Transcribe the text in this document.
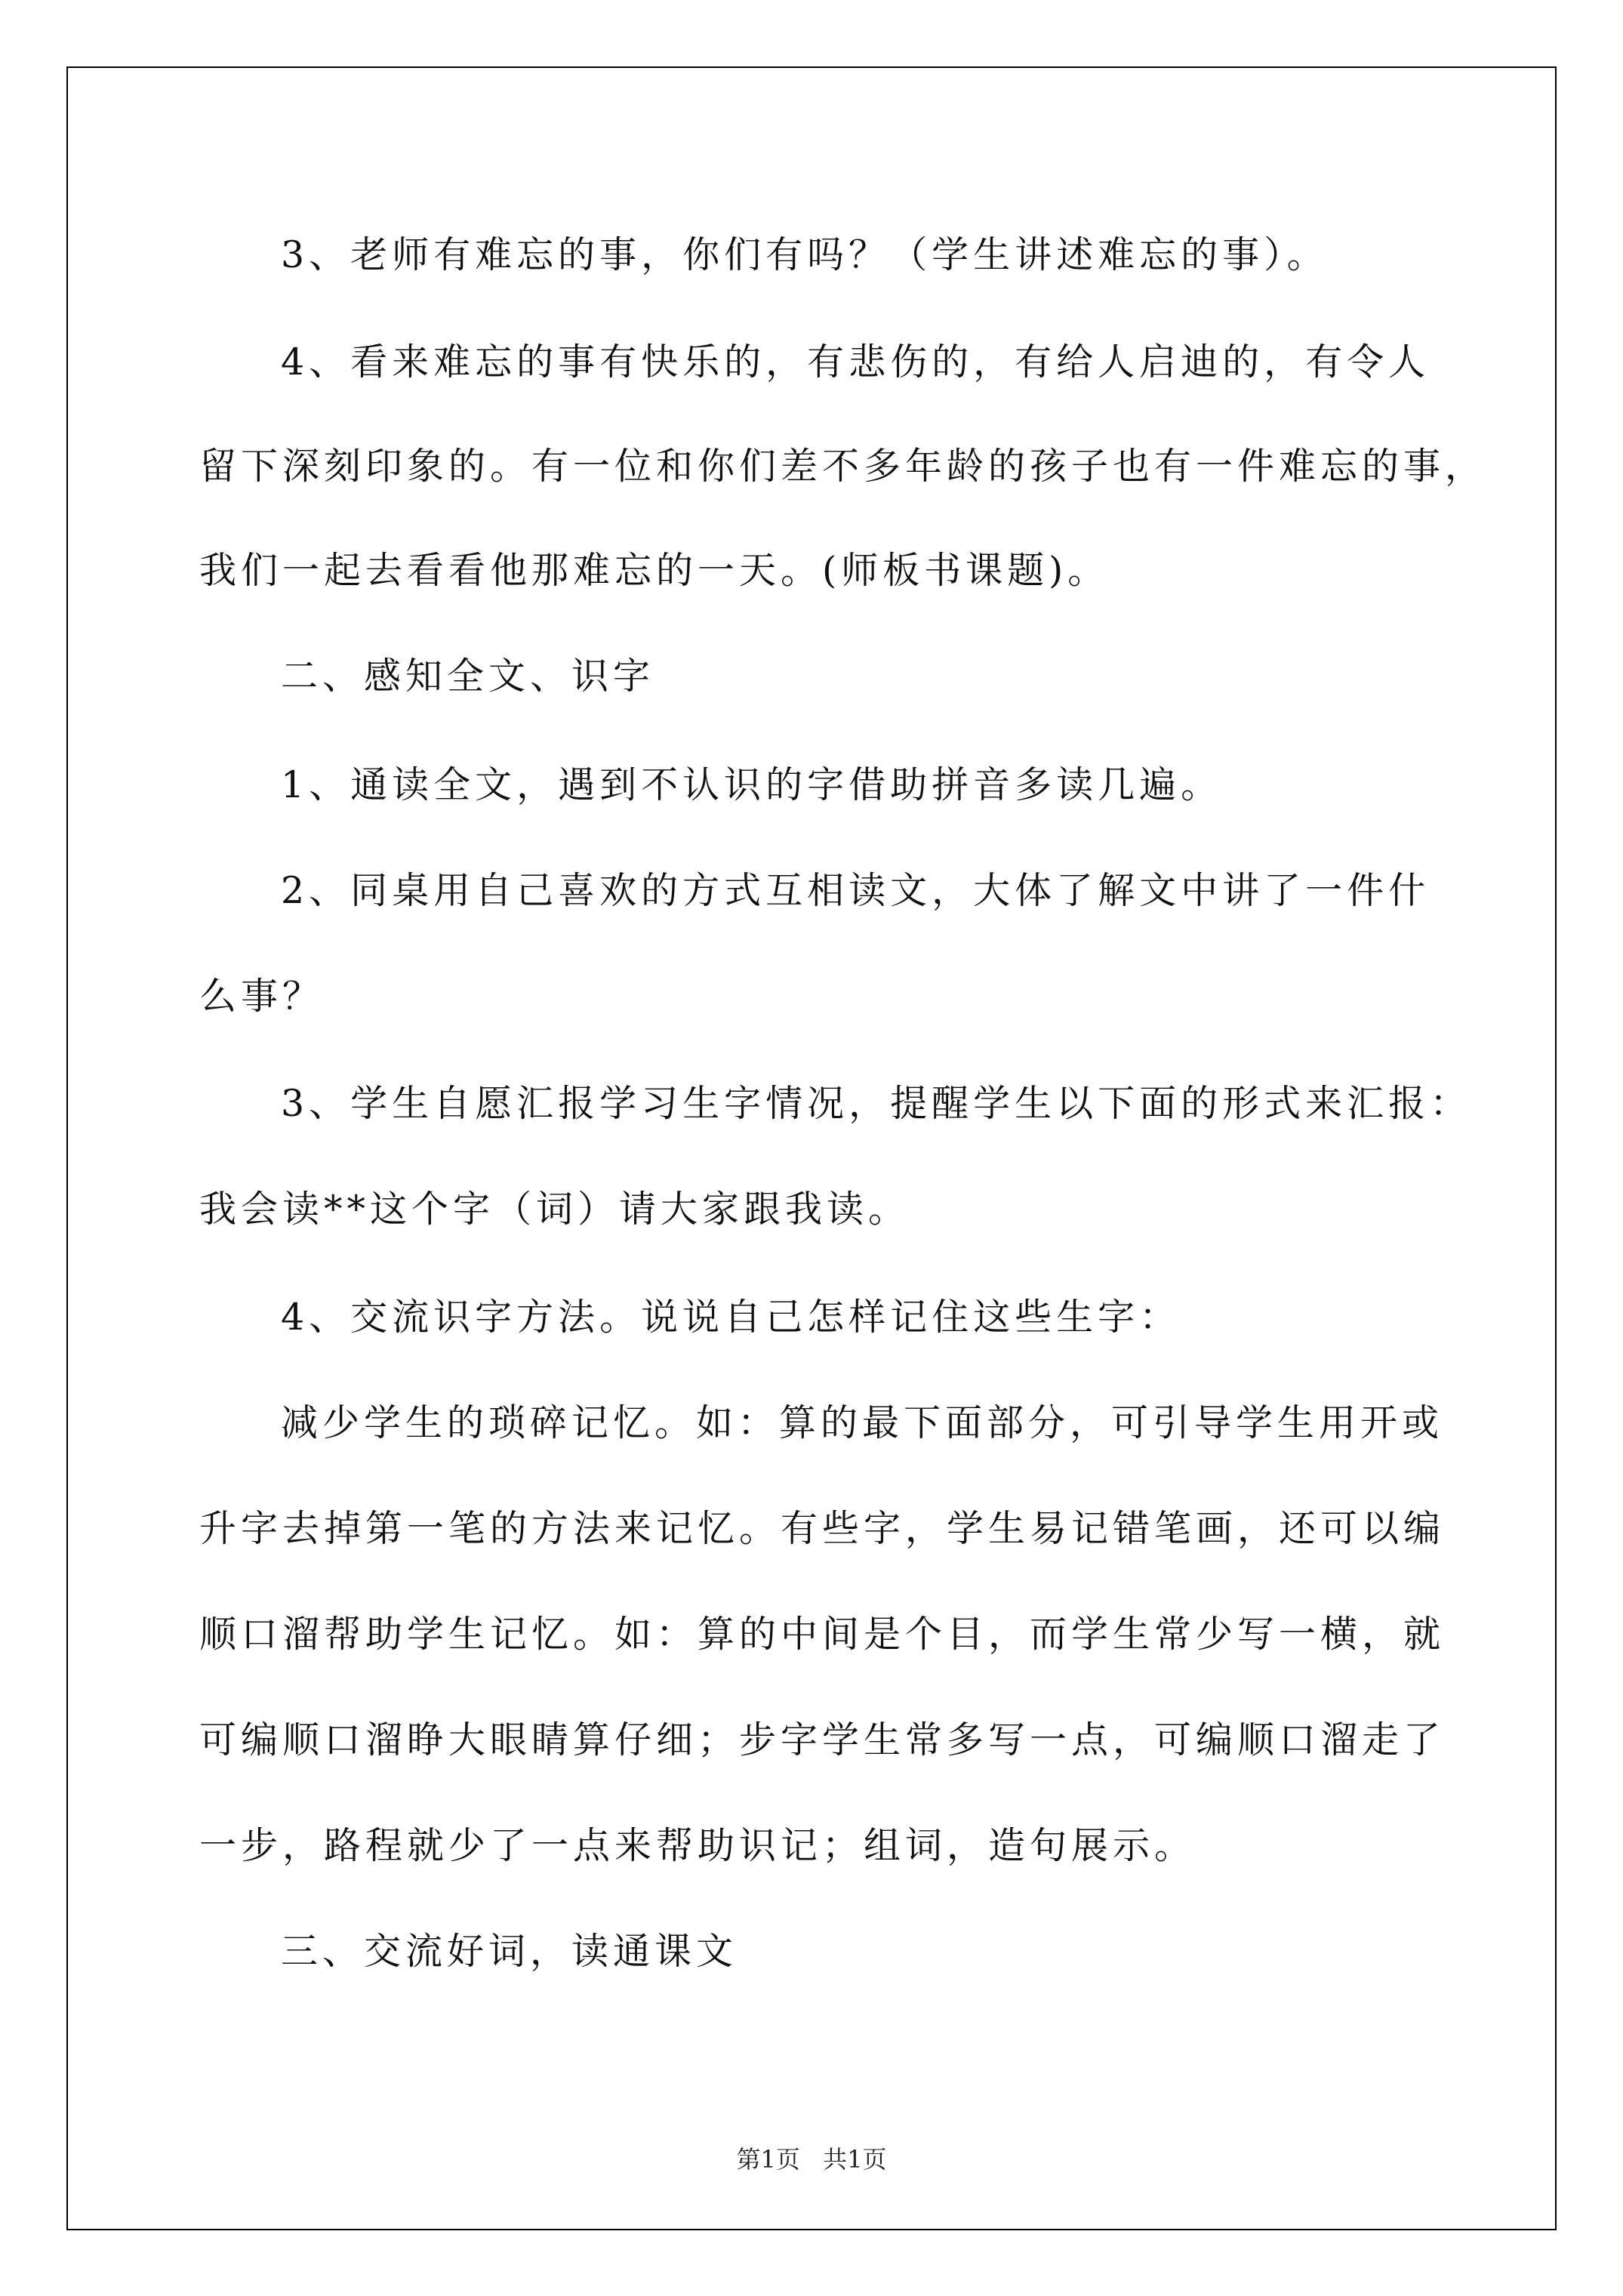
3、老师有难忘的事，你们有吗？（学生讲述难忘的事）。
4、看来难忘的事有快乐的，有悲伤的，有给人启迪的，有令人
留下深刻印象的。有一位和你们差不多年龄的孩子也有一件难忘的事，
我们一起去看看他那难忘的一天。(师板书课题)。
二、感知全文、识字
1、通读全文，遇到不认识的字借助拼音多读几遍。
2、同桌用自己喜欢的方式互相读文，大体了解文中讲了一件什
么事？
3、学生自愿汇报学习生字情况，提醒学生以下面的形式来汇报：
我会读**这个字（词）请大家跟我读。
4、交流识字方法。说说自己怎样记住这些生字：
减少学生的琐碎记忆。如：算的最下面部分，可引导学生用开或
升字去掉第一笔的方法来记忆。有些字，学生易记错笔画，还可以编
顺口溜帮助学生记忆。如：算的中间是个目，而学生常少写一横，就
可编顺口溜睁大眼睛算仔细；步字学生常多写一点，可编顺口溜走了
一步，路程就少了一点来帮助识记；组词，造句展示。
三、交流好词，读通课文
第1页 共1页
